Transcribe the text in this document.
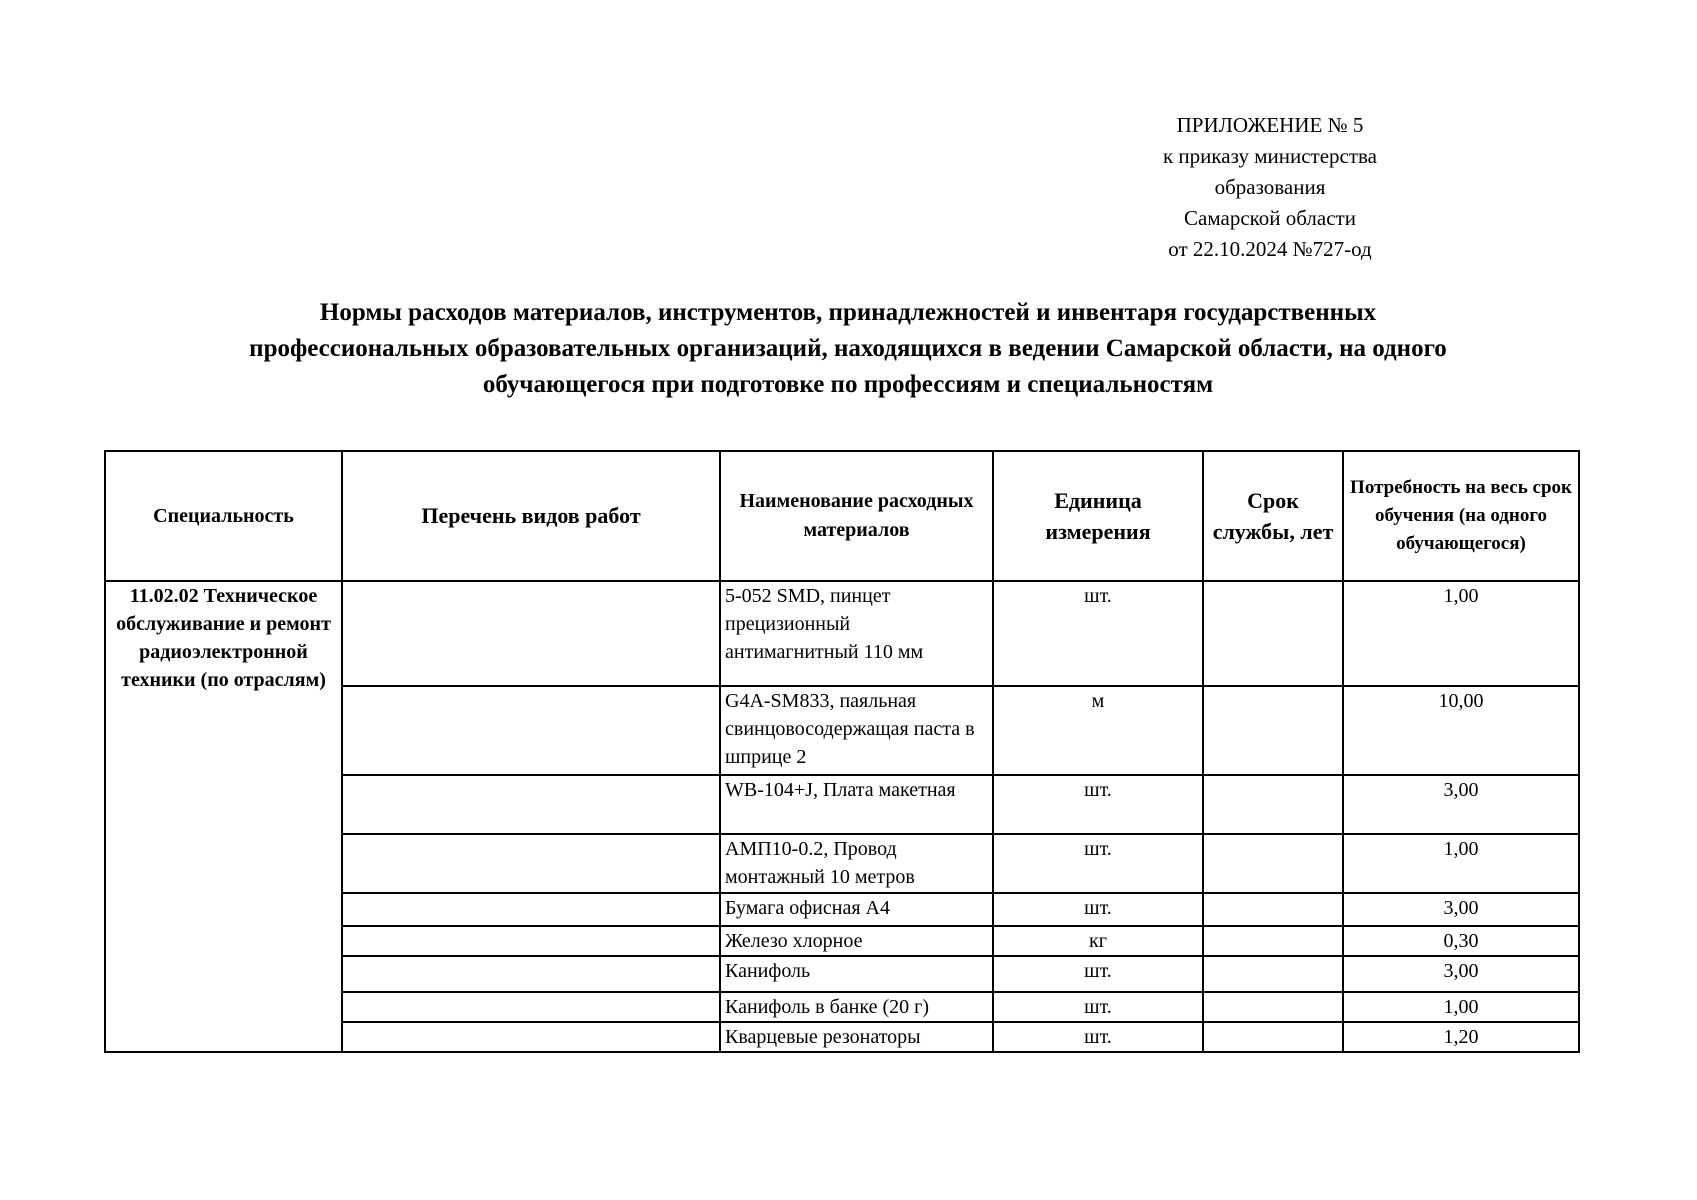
ПРИЛОЖЕНИЕ № 5
к приказу министерства
образования
Самарской области
от 22.10.2024 №727-од
Нормы расходов материалов, инструментов, принадлежностей и инвентаря государственных
профессиональных образовательных организаций, находящихся в ведении Самарской области, на одного
обучающегося при подготовке по профессиям и специальностям
Специальность	Перечень видов работ	Наименование расходных материалов	Единица измерения	Срок службы, лет	Потребность на весь срок обучения (на одного обучающегося)
11.02.02 Техническое обслуживание и ремонт радиоэлектронной техники (по отраслям)		5-052 SMD, пинцет прецизионный антимагнитный 110 мм	шт.		1,00
		G4A-SM833, паяльная свинцовосодержащая паста в шприце 2	м		10,00
		WB-104+J, Плата макетная	шт.		3,00
		АМП10-0.2, Провод монтажный 10 метров	шт.		1,00
		Бумага офисная А4	шт.		3,00
		Железо хлорное	кг		0,30
		Канифоль	шт.		3,00
		Канифоль в банке (20 г)	шт.		1,00
		Кварцевые резонаторы	шт.		1,20
